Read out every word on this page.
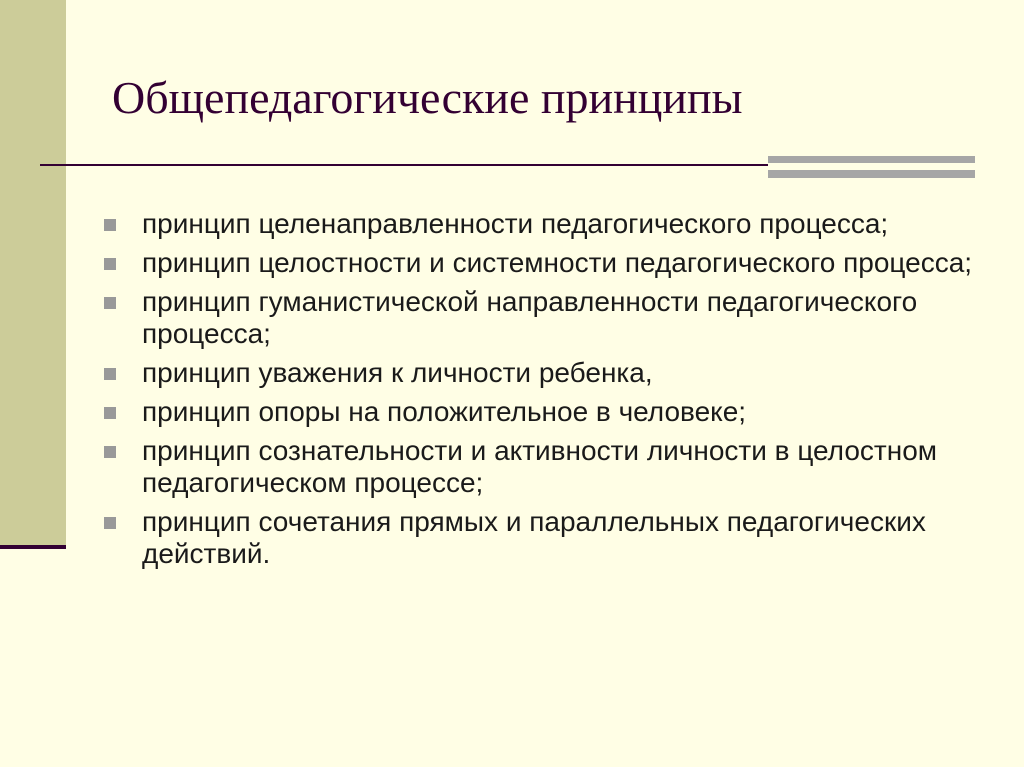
Общепедагогические принципы
принцип целенаправленности педагогического процесса;
принцип целостности и системности педагогического процесса;
принцип гуманистической направленности педагогического процесса;
принцип уважения к личности ребенка,
принцип опоры на положительное в человеке;
принцип сознательности и активности личности в целостном педагогическом процессе;
принцип сочетания прямых и параллельных педагогических действий.
